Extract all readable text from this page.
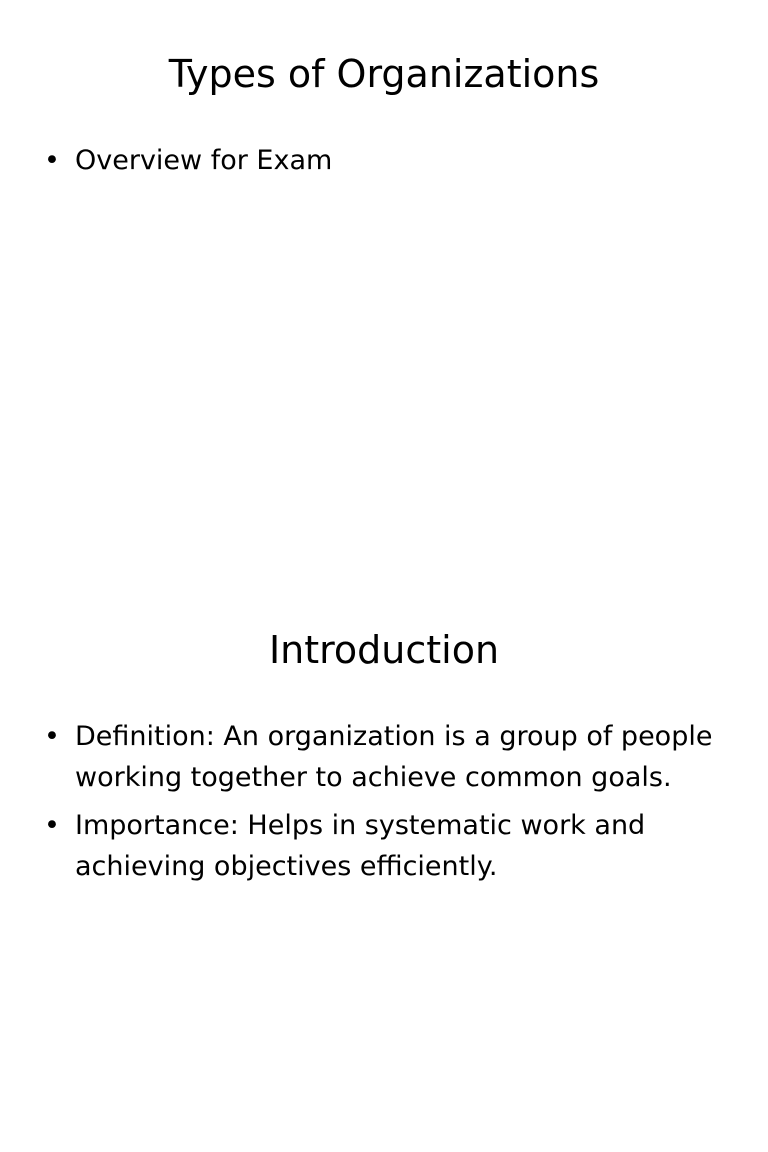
Types of Organizations
• Overview for Exam
Introduction
• Definition: An organization is a group of people working together to achieve common goals.
• Importance: Helps in systematic work and achieving objectives efficiently.
